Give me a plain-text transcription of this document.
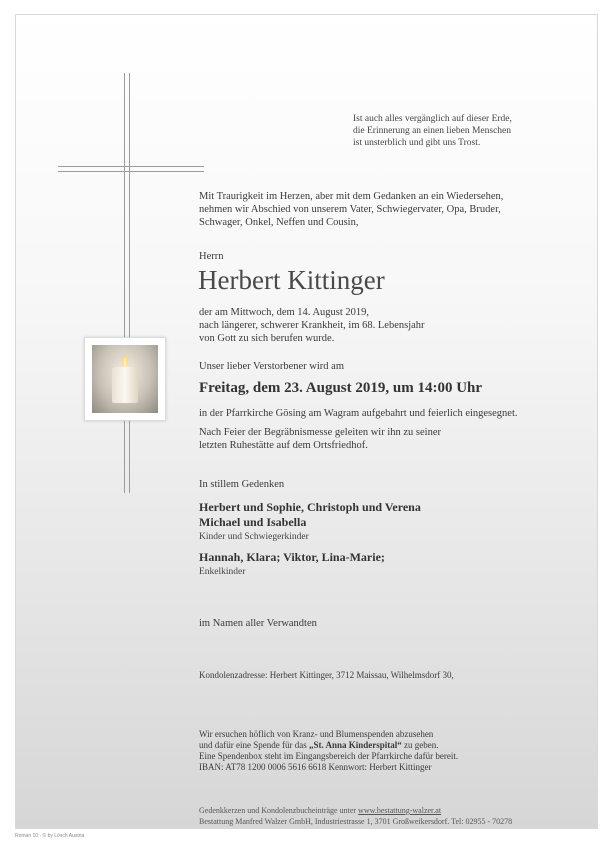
Ist auch alles vergänglich auf dieser Erde,
die Erinnerung an einen lieben Menschen
ist unsterblich und gibt uns Trost.
Mit Traurigkeit im Herzen, aber mit dem Gedanken an ein Wiedersehen,
nehmen wir Abschied von unserem Vater, Schwiegervater, Opa, Bruder,
Schwager, Onkel, Neffen und Cousin,
Herrn
Herbert Kittinger
der am Mittwoch, dem 14. August 2019,
nach längerer, schwerer Krankheit, im 68. Lebensjahr
von Gott zu sich berufen wurde.
Unser lieber Verstorbener wird am
Freitag, dem 23. August 2019, um 14:00 Uhr
in der Pfarrkirche Gösing am Wagram aufgebahrt und feierlich eingesegnet.
Nach Feier der Begräbnismesse geleiten wir ihn zu seiner
letzten Ruhestätte auf dem Ortsfriedhof.
In stillem Gedenken
Herbert und Sophie, Christoph und Verena
Michael und Isabella
Kinder und Schwiegerkinder
Hannah, Klara; Viktor, Lina-Marie;
Enkelkinder
im Namen aller Verwandten
Kondolenzadresse: Herbert Kittinger, 3712 Maissau, Wilhelmsdorf 30,
Wir ersuchen höflich von Kranz- und Blumenspenden abzusehen
und dafür eine Spende für das „St. Anna Kinderspital“ zu geben.
Eine Spendenbox steht im Eingangsbereich der Pfarrkirche dafür bereit.
IBAN: AT78 1200 0006 5616 6618 Kennwort: Herbert Kittinger
Gedenkkerzen und Kondolenzbucheinträge unter www.bestattung-walzer.at
Bestattung Manfred Walzer GmbH, Industriestrasse 1, 3701 Großweikersdorf. Tel: 02955 - 70278
Roman 10 - © by Lösch Austria
